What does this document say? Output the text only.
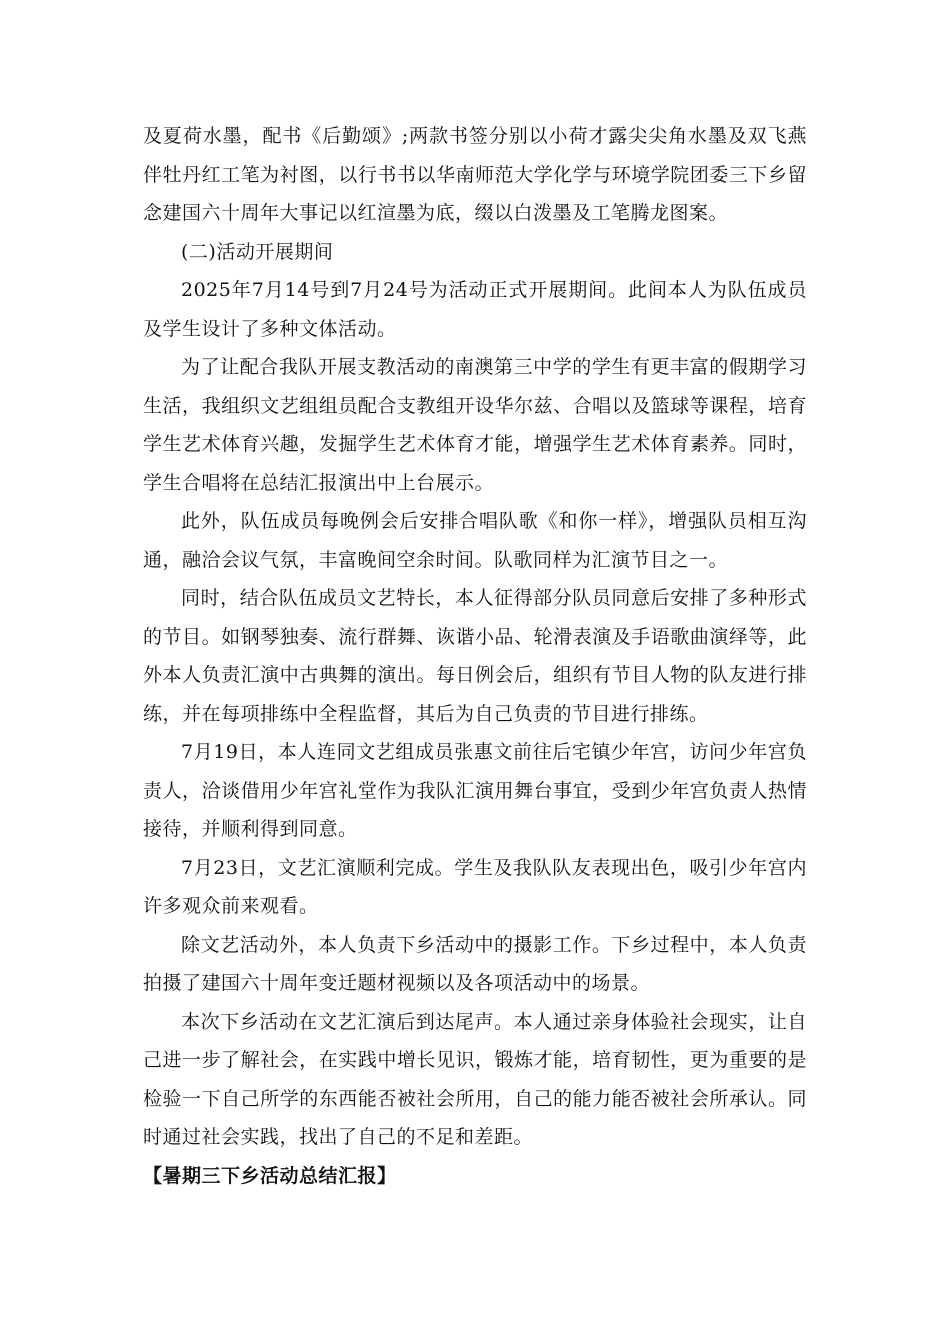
及夏荷水墨，配书《后勤颂》;两款书签分别以小荷才露尖尖角水墨及双飞燕伴牡丹红工笔为衬图，以行书书以华南师范大学化学与环境学院团委三下乡留念建国六十周年大事记以红渲墨为底，缀以白泼墨及工笔腾龙图案。

(二)活动开展期间

2025年7月14号到7月24号为活动正式开展期间。此间本人为队伍成员及学生设计了多种文体活动。

为了让配合我队开展支教活动的南澳第三中学的学生有更丰富的假期学习生活，我组织文艺组组员配合支教组开设华尔兹、合唱以及篮球等课程，培育学生艺术体育兴趣，发掘学生艺术体育才能，增强学生艺术体育素养。同时，学生合唱将在总结汇报演出中上台展示。

此外，队伍成员每晚例会后安排合唱队歌《和你一样》，增强队员相互沟通，融洽会议气氛，丰富晚间空余时间。队歌同样为汇演节目之一。

同时，结合队伍成员文艺特长，本人征得部分队员同意后安排了多种形式的节目。如钢琴独奏、流行群舞、诙谐小品、轮滑表演及手语歌曲演绎等，此外本人负责汇演中古典舞的演出。每日例会后，组织有节目人物的队友进行排练，并在每项排练中全程监督，其后为自己负责的节目进行排练。

7月19日，本人连同文艺组成员张惠文前往后宅镇少年宫，访问少年宫负责人，洽谈借用少年宫礼堂作为我队汇演用舞台事宜，受到少年宫负责人热情接待，并顺利得到同意。

7月23日，文艺汇演顺利完成。学生及我队队友表现出色，吸引少年宫内许多观众前来观看。

除文艺活动外，本人负责下乡活动中的摄影工作。下乡过程中，本人负责拍摄了建国六十周年变迁题材视频以及各项活动中的场景。

本次下乡活动在文艺汇演后到达尾声。本人通过亲身体验社会现实，让自己进一步了解社会，在实践中增长见识，锻炼才能，培育韧性，更为重要的是检验一下自己所学的东西能否被社会所用，自己的能力能否被社会所承认。同时通过社会实践，找出了自己的不足和差距。

【暑期三下乡活动总结汇报】
